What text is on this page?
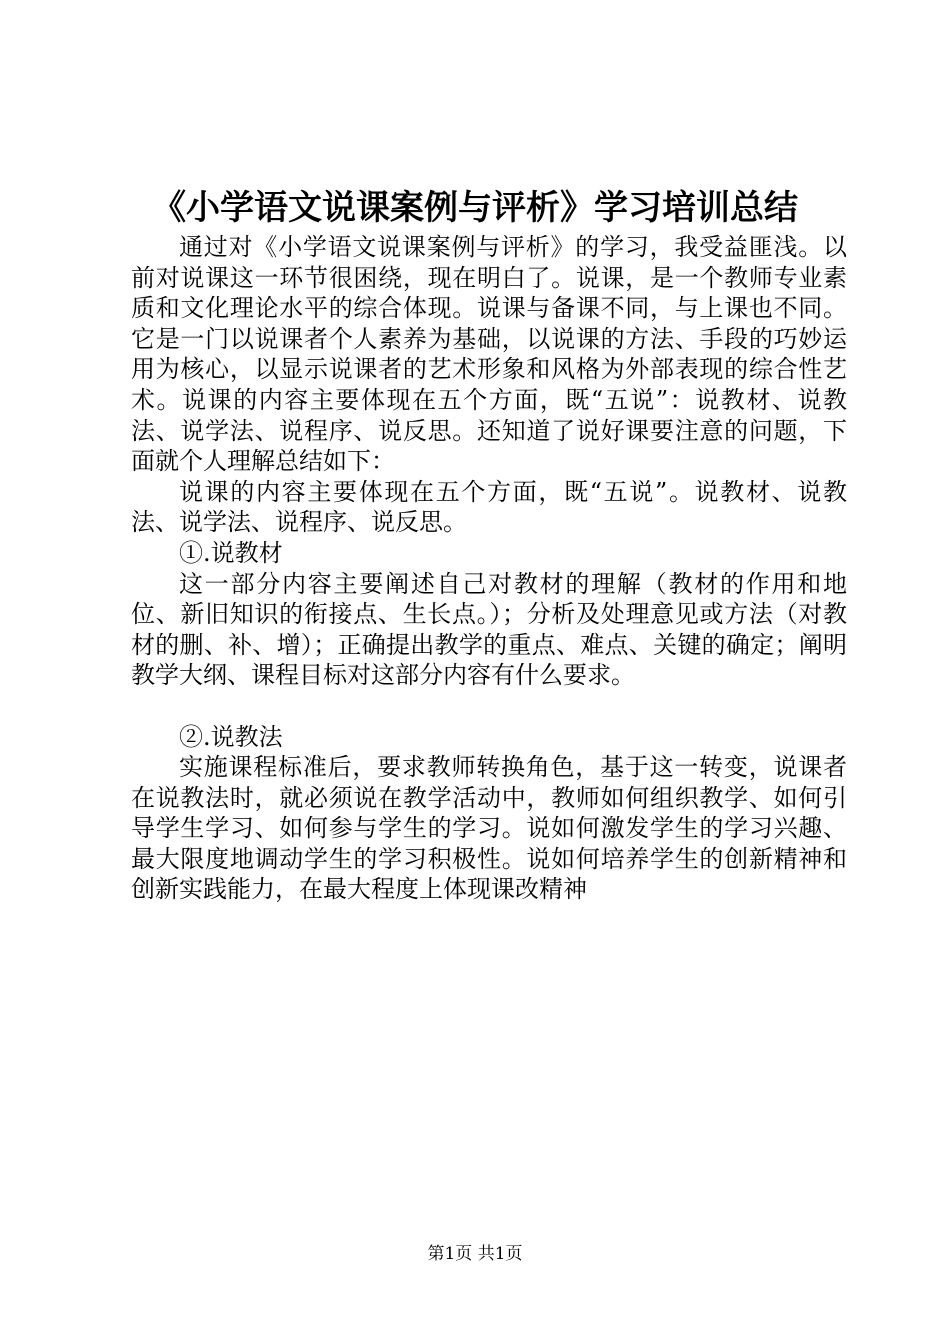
《小学语文说课案例与评析》学习培训总结

通过对《小学语文说课案例与评析》的学习，我受益匪浅。以前对说课这一环节很困绕，现在明白了。说课，是一个教师专业素质和文化理论水平的综合体现。说课与备课不同，与上课也不同。它是一门以说课者个人素养为基础，以说课的方法、手段的巧妙运用为核心，以显示说课者的艺术形象和风格为外部表现的综合性艺术。说课的内容主要体现在五个方面，既“五说”：说教材、说教法、说学法、说程序、说反思。还知道了说好课要注意的问题，下面就个人理解总结如下：

说课的内容主要体现在五个方面，既“五说”。说教材、说教法、说学法、说程序、说反思。

①.说教材

这一部分内容主要阐述自己对教材的理解（教材的作用和地位、新旧知识的衔接点、生长点。）；分析及处理意见或方法（对教材的删、补、增）；正确提出教学的重点、难点、关键的确定；阐明教学大纲、课程目标对这部分内容有什么要求。

②.说教法

实施课程标准后，要求教师转换角色，基于这一转变，说课者在说教法时，就必须说在教学活动中，教师如何组织教学、如何引导学生学习、如何参与学生的学习。说如何激发学生的学习兴趣、最大限度地调动学生的学习积极性。说如何培养学生的创新精神和创新实践能力，在最大程度上体现课改精神

第1页 共1页
